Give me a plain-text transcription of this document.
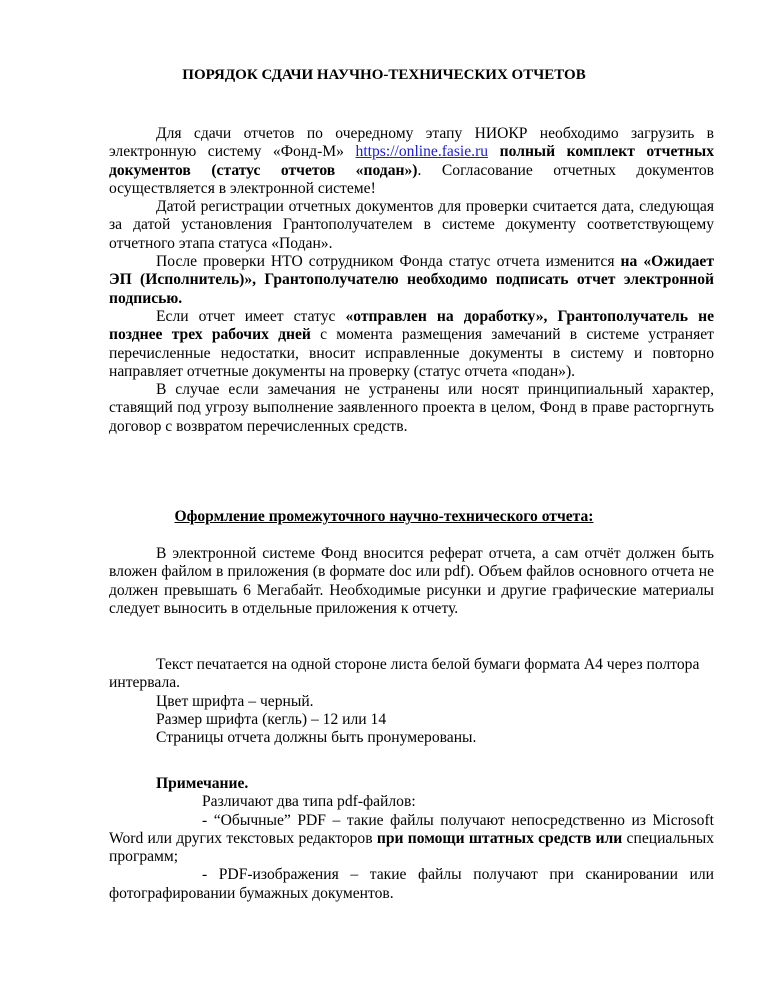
ПОРЯДОК СДАЧИ НАУЧНО-ТЕХНИЧЕСКИХ ОТЧЕТОВ

Для сдачи отчетов по очередному этапу НИОКР необходимо загрузить в электронную систему «Фонд-М» https://online.fasie.ru полный комплект отчетных документов (статус отчетов «подан»). Согласование отчетных документов осуществляется в электронной системе!

Датой регистрации отчетных документов для проверки считается дата, следующая за датой установления Грантополучателем в системе документу соответствующему отчетного этапа статуса «Подан».

После проверки НТО сотрудником Фонда статус отчета изменится на «Ожидает ЭП (Исполнитель)», Грантополучателю необходимо подписать отчет электронной подписью.

Если отчет имеет статус «отправлен на доработку», Грантополучатель не позднее трех рабочих дней с момента размещения замечаний в системе устраняет перечисленные недостатки, вносит исправленные документы в систему и повторно направляет отчетные документы на проверку (статус отчета «подан»).

В случае если замечания не устранены или носят принципиальный характер, ставящий под угрозу выполнение заявленного проекта в целом, Фонд в праве расторгнуть договор с возвратом перечисленных средств.

Оформление промежуточного научно-технического отчета:

В электронной системе Фонд вносится реферат отчета, а сам отчёт должен быть вложен файлом в приложения (в формате doc или pdf). Объем файлов основного отчета не должен превышать 6 Мегабайт. Необходимые рисунки и другие графические материалы следует выносить в отдельные приложения к отчету.

Текст печатается на одной стороне листа белой бумаги формата А4 через полтора интервала.

Цвет шрифта – черный.

Размер шрифта (кегль) – 12 или 14

Страницы отчета должны быть пронумерованы.

Примечание.

Различают два типа pdf-файлов:

- “Обычные” PDF – такие файлы получают непосредственно из Microsoft Word или других текстовых редакторов при помощи штатных средств или специальных программ;

- PDF-изображения – такие файлы получают при сканировании или фотографировании бумажных документов.
